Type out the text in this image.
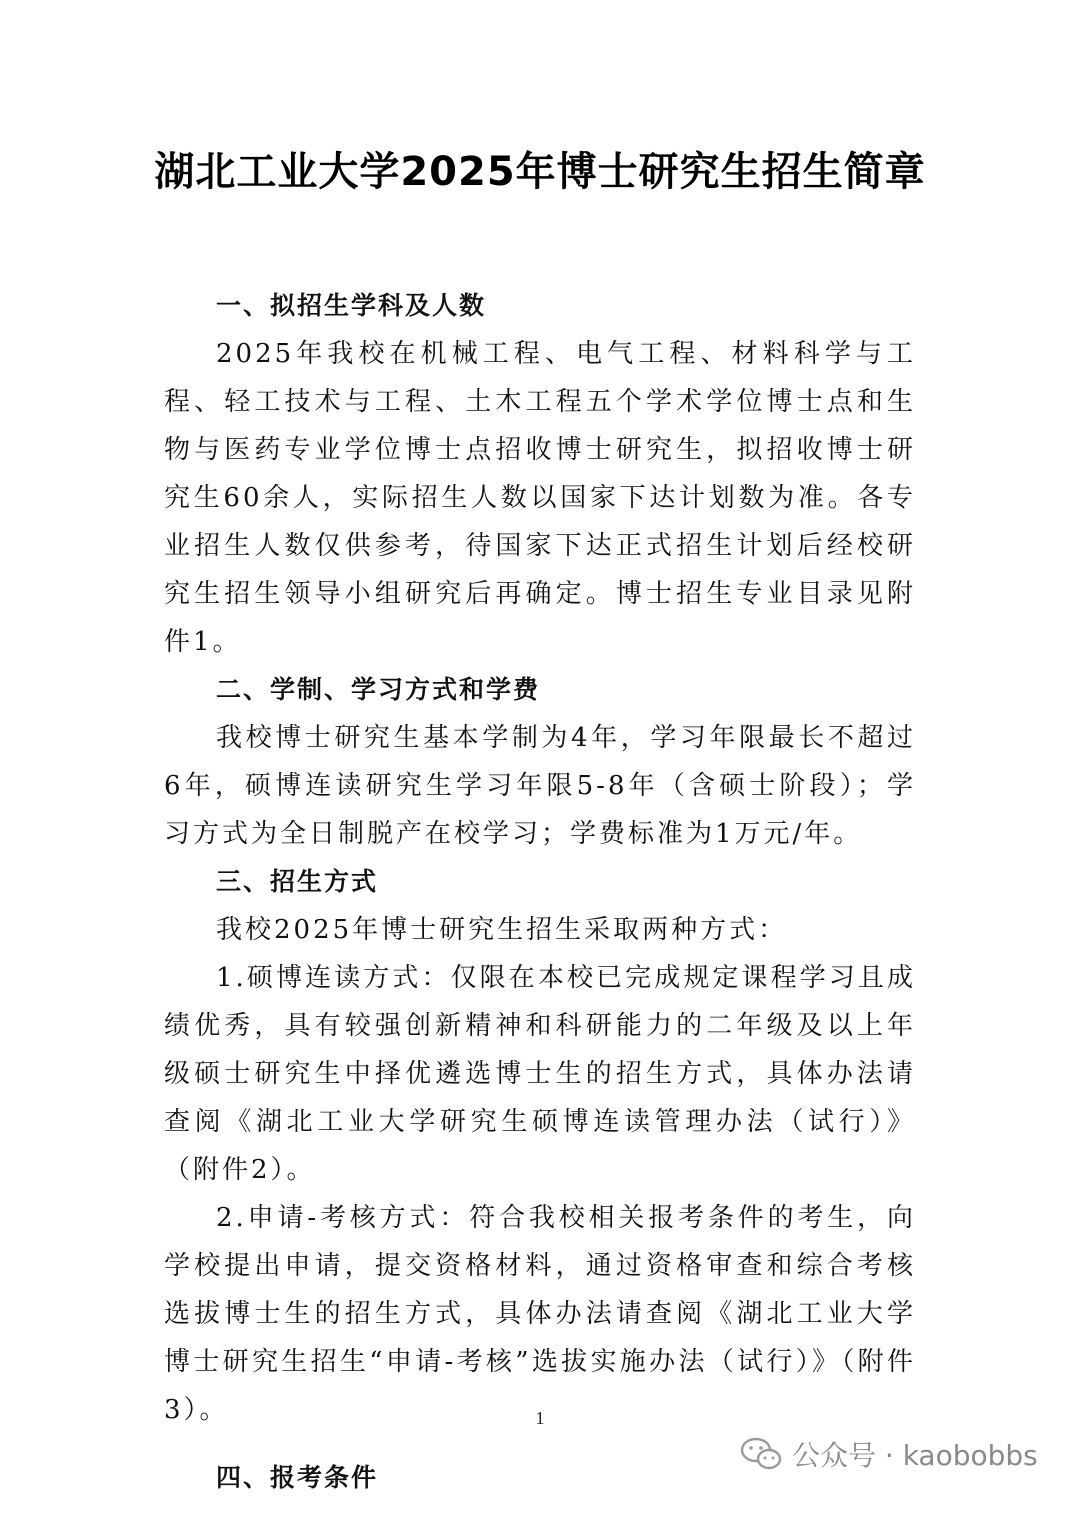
湖北工业大学2025年博士研究生招生简章

一、拟招生学科及人数

2025年我校在机械工程、电气工程、材料科学与工程、轻工技术与工程、土木工程五个学术学位博士点和生物与医药专业学位博士点招收博士研究生，拟招收博士研究生60余人，实际招生人数以国家下达计划数为准。各专业招生人数仅供参考，待国家下达正式招生计划后经校研究生招生领导小组研究后再确定。博士招生专业目录见附件1。

二、学制、学习方式和学费

我校博士研究生基本学制为4年，学习年限最长不超过6年，硕博连读研究生学习年限5-8年（含硕士阶段）；学习方式为全日制脱产在校学习；学费标准为1万元/年。

三、招生方式

我校2025年博士研究生招生采取两种方式：

1.硕博连读方式：仅限在本校已完成规定课程学习且成绩优秀，具有较强创新精神和科研能力的二年级及以上年级硕士研究生中择优遴选博士生的招生方式，具体办法请查阅《湖北工业大学研究生硕博连读管理办法（试行）》（附件2）。

2.申请-考核方式：符合我校相关报考条件的考生，向学校提出申请，提交资格材料，通过资格审查和综合考核选拔博士生的招生方式，具体办法请查阅《湖北工业大学博士研究生招生“申请-考核”选拔实施办法（试行）》（附件3）。

四、报考条件

1
公众号 · kaobobbs
